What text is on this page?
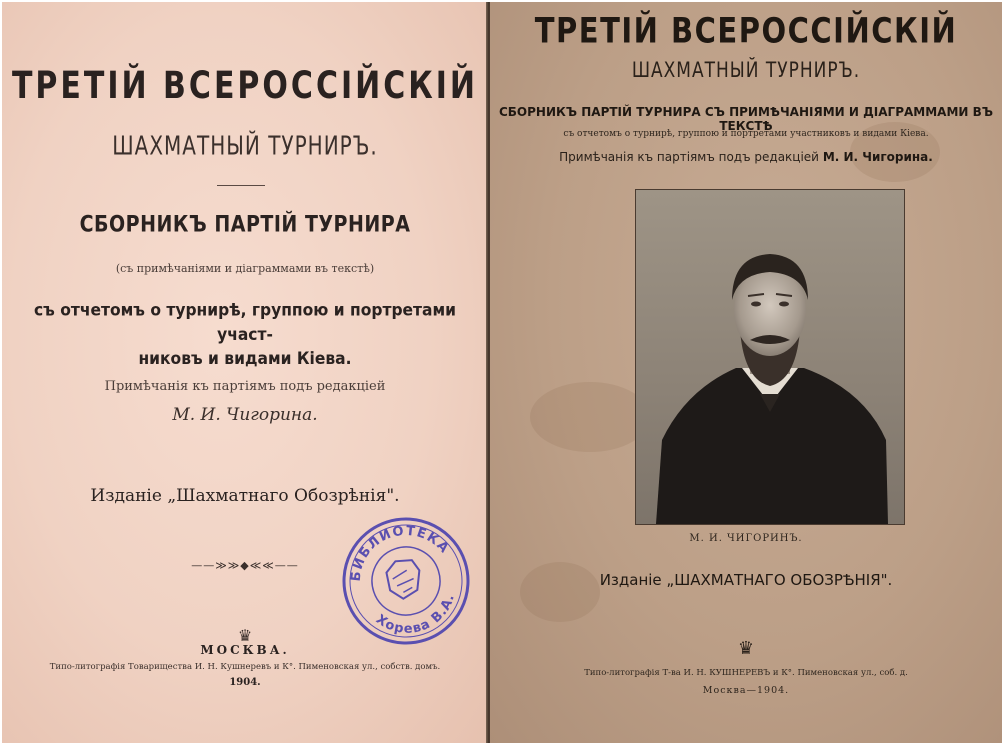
ТРЕТІЙ ВСЕРОССІЙСКІЙ
ШАХМАТНЫЙ ТУРНИРЪ.
СБОРНИКЪ ПАРТІЙ ТУРНИРА
(съ примѣчаніями и діаграммами въ текстѣ)
съ отчетомъ о турнирѣ, группою и портретами участ-
никовъ и видами Кіева.
Примѣчанія къ партіямъ подъ редакціей
М. И. Чигорина.
Изданіе „Шахматнаго Обозрѣнія".
——≫≫◆≪≪——
♛
МОСКВА.
Типо-литографія Товарищества И. Н. Кушнеревъ и К°. Пименовская ул., собств. домъ.
1904.
БИБЛИОТЕКА
Хорева В.А.
ТРЕТІЙ ВСЕРОССІЙСКІЙ
ШАХМАТНЫЙ ТУРНИРЪ.
СБОРНИКЪ ПАРТІЙ ТУРНИРА СЪ ПРИМѢЧАНІЯМИ И ДІАГРАММАМИ ВЪ ТЕКСТѢ
съ отчетомъ о турнирѣ, группою и портретами участниковъ и видами Кіева.
Примѣчанія къ партіямъ подъ редакціей М. И. Чигорина.
М. И. ЧИГОРИНЪ.
Изданіе „ШАХМАТНАГО ОБОЗРѢНІЯ".
♛
Типо-литографія Т-ва И. Н. КУШНЕРЕВЪ и К°. Пименовская ул., соб. д.
Москва—1904.
